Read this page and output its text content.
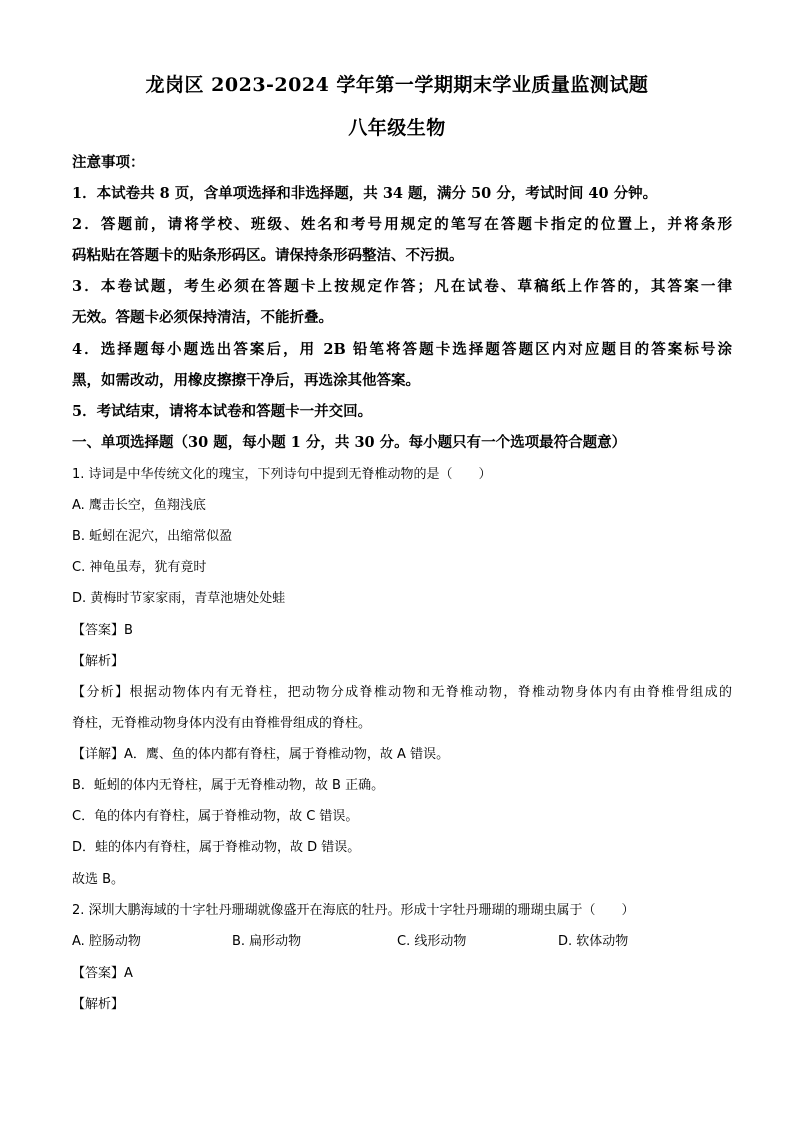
龙岗区 2023-2024 学年第一学期期末学业质量监测试题
八年级生物
注意事项：
1．本试卷共 8 页，含单项选择和非选择题，共 34 题，满分 50 分，考试时间 40 分钟。
2．答题前，请将学校、班级、姓名和考号用规定的笔写在答题卡指定的位置上，并将条形
码粘贴在答题卡的贴条形码区。请保持条形码整洁、不污损。
3．本卷试题，考生必须在答题卡上按规定作答；凡在试卷、草稿纸上作答的，其答案一律
无效。答题卡必须保持清洁，不能折叠。
4．选择题每小题选出答案后，用 2B 铅笔将答题卡选择题答题区内对应题目的答案标号涂
黑，如需改动，用橡皮擦擦干净后，再选涂其他答案。
5．考试结束，请将本试卷和答题卡一并交回。
一、单项选择题（30 题，每小题 1 分，共 30 分。每小题只有一个选项最符合题意）
1. 诗词是中华传统文化的瑰宝，下列诗句中提到无脊椎动物的是（　　）
A. 鹰击长空，鱼翔浅底
B. 蚯蚓在泥穴，出缩常似盈
C. 神龟虽寿，犹有竟时
D. 黄梅时节家家雨，青草池塘处处蛙
【答案】B
【解析】
【分析】根据动物体内有无脊柱，把动物分成脊椎动物和无脊椎动物，脊椎动物身体内有由脊椎骨组成的
脊柱，无脊椎动物身体内没有由脊椎骨组成的脊柱。
【详解】A．鹰、鱼的体内都有脊柱，属于脊椎动物，故 A 错误。
B．蚯蚓的体内无脊柱，属于无脊椎动物，故 B 正确。
C．龟的体内有脊柱，属于脊椎动物，故 C 错误。
D．蛙的体内有脊柱，属于脊椎动物，故 D 错误。
故选 B。
2. 深圳大鹏海域的十字牡丹珊瑚就像盛开在海底的牡丹。形成十字牡丹珊瑚的珊瑚虫属于（　　）
A. 腔肠动物	B. 扁形动物	C. 线形动物	D. 软体动物
【答案】A
【解析】
